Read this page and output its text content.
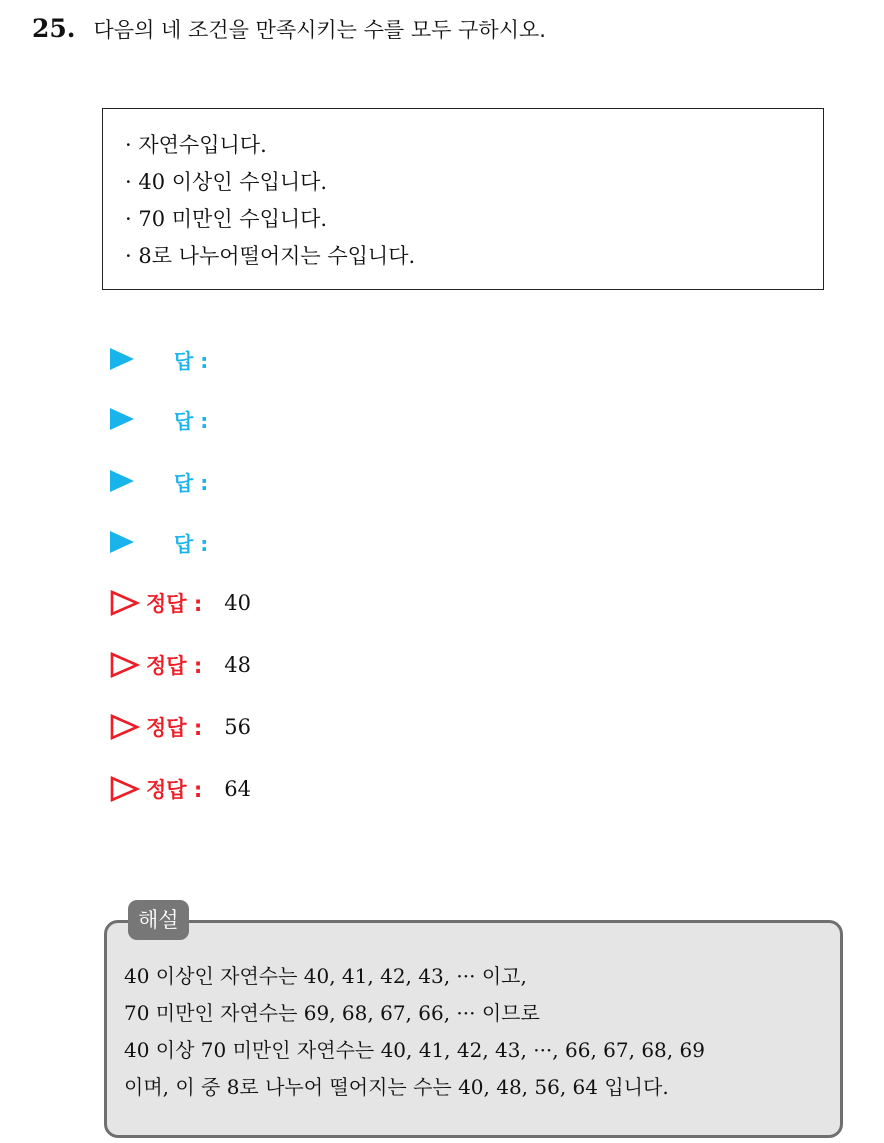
25. 다음의 네 조건을 만족시키는 수를 모두 구하시오.
· 자연수입니다.
· 40 이상인 수입니다.
· 70 미만인 수입니다.
· 8로 나누어떨어지는 수입니다.
답 :
답 :
답 :
답 :
정답 : 40
정답 : 48
정답 : 56
정답 : 64
해설
40 이상인 자연수는 40, 41, 42, 43, ··· 이고,
70 미만인 자연수는 69, 68, 67, 66, ··· 이므로
40 이상 70 미만인 자연수는 40, 41, 42, 43, ···, 66, 67, 68, 69
이며, 이 중 8로 나누어 떨어지는 수는 40, 48, 56, 64 입니다.
